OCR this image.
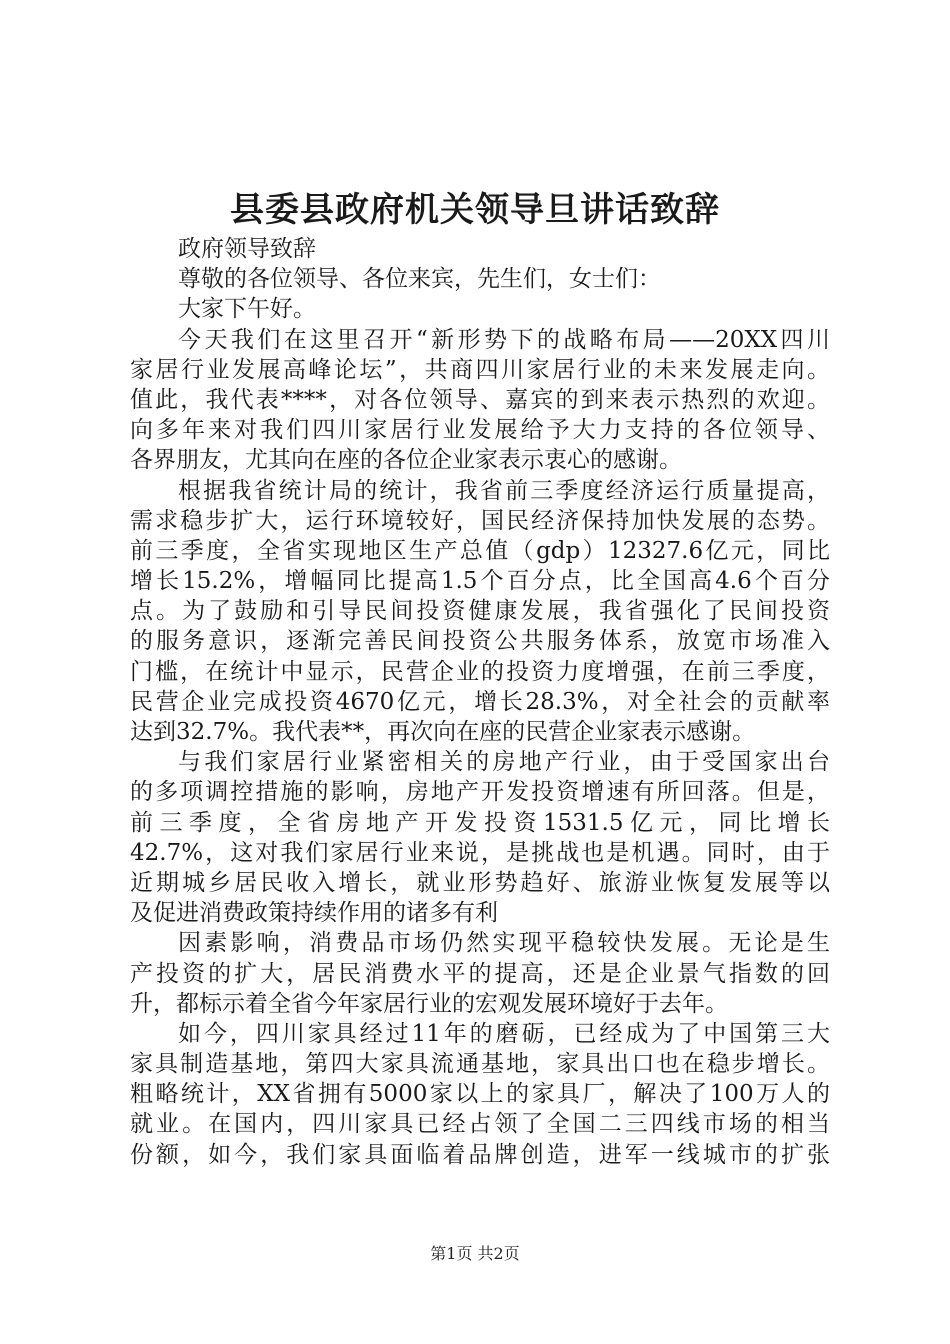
县委县政府机关领导旦讲话致辞
政府领导致辞
尊敬的各位领导、各位来宾，先生们，女士们：
大家下午好。
今天我们在这里召开“新形势下的战略布局——20XX四川
家居行业发展高峰论坛”，共商四川家居行业的未来发展走向。
值此，我代表****，对各位领导、嘉宾的到来表示热烈的欢迎。
向多年来对我们四川家居行业发展给予大力支持的各位领导、
各界朋友，尤其向在座的各位企业家表示衷心的感谢。
根据我省统计局的统计，我省前三季度经济运行质量提高，
需求稳步扩大，运行环境较好，国民经济保持加快发展的态势。
前三季度，全省实现地区生产总值（gdp）12327.6亿元，同比
增长15.2%，增幅同比提高1.5个百分点，比全国高4.6个百分
点。为了鼓励和引导民间投资健康发展，我省强化了民间投资
的服务意识，逐渐完善民间投资公共服务体系，放宽市场准入
门槛，在统计中显示，民营企业的投资力度增强，在前三季度，
民营企业完成投资4670亿元，增长28.3%，对全社会的贡献率
达到32.7%。我代表**，再次向在座的民营企业家表示感谢。
与我们家居行业紧密相关的房地产行业，由于受国家出台
的多项调控措施的影响，房地产开发投资增速有所回落。但是，
前三季度，全省房地产开发投资1531.5亿元，同比增长
42.7%，这对我们家居行业来说，是挑战也是机遇。同时，由于
近期城乡居民收入增长，就业形势趋好、旅游业恢复发展等以
及促进消费政策持续作用的诸多有利
因素影响，消费品市场仍然实现平稳较快发展。无论是生
产投资的扩大，居民消费水平的提高，还是企业景气指数的回
升，都标示着全省今年家居行业的宏观发展环境好于去年。
如今，四川家具经过11年的磨砺，已经成为了中国第三大
家具制造基地，第四大家具流通基地，家具出口也在稳步增长。
粗略统计，XX省拥有5000家以上的家具厂，解决了100万人的
就业。在国内，四川家具已经占领了全国二三四线市场的相当
份额，如今，我们家具面临着品牌创造，进军一线城市的扩张
第1页 共2页
